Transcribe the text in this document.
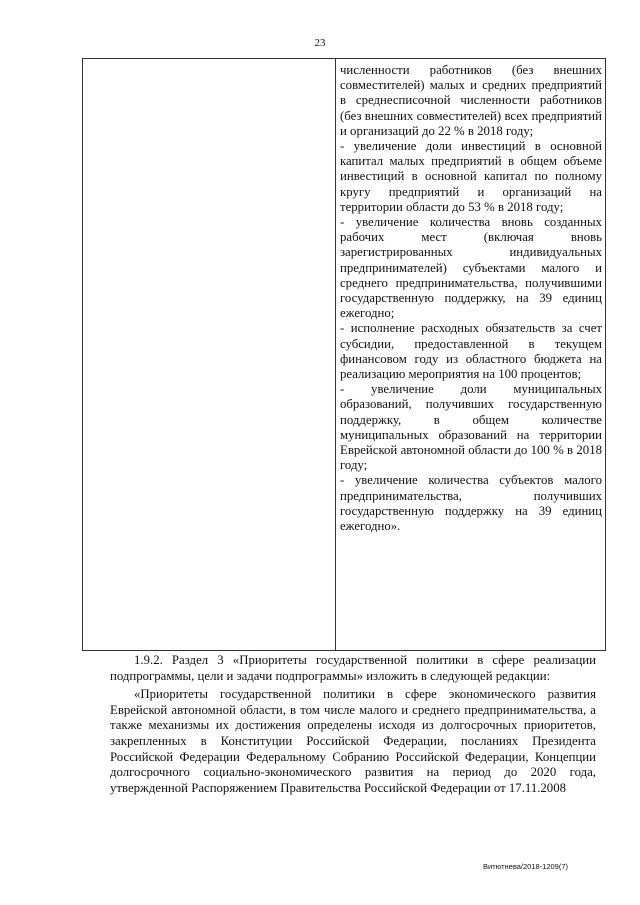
23

численности работников (без внешних совместителей) малых и средних предприятий в среднесписочной численности работников (без внешних совместителей) всех предприятий и организаций до 22 % в 2018 году;

- увеличение доли инвестиций в основной капитал малых предприятий в общем объеме инвестиций в основной капитал по полному кругу предприятий и организаций на территории области до 53 % в 2018 году;

- увеличение количества вновь созданных рабочих мест (включая вновь зарегистрированных индивидуальных предпринимателей) субъектами малого и среднего предпринимательства, получившими государственную поддержку, на 39 единиц ежегодно;

- исполнение расходных обязательств за счет субсидии, предоставленной в текущем финансовом году из областного бюджета на реализацию мероприятия на 100 процентов;

- увеличение доли муниципальных образований, получивших государственную поддержку, в общем количестве муниципальных образований на территории Еврейской автономной области до 100 % в 2018 году;

- увеличение количества субъектов малого предпринимательства, получивших государственную поддержку на 39 единиц ежегодно».

1.9.2. Раздел 3 «Приоритеты государственной политики в сфере реализации подпрограммы, цели и задачи подпрограммы» изложить в следующей редакции:

«Приоритеты государственной политики в сфере экономического развития Еврейской автономной области, в том числе малого и среднего предпринимательства, а также механизмы их достижения определены исходя из долгосрочных приоритетов, закрепленных в Конституции Российской Федерации, посланиях Президента Российской Федерации Федеральному Собранию Российской Федерации, Концепции долгосрочного социально-экономического развития на период до 2020 года, утвержденной Распоряжением Правительства Российской Федерации от 17.11.2008

Витютнева/2018-1209(7)
